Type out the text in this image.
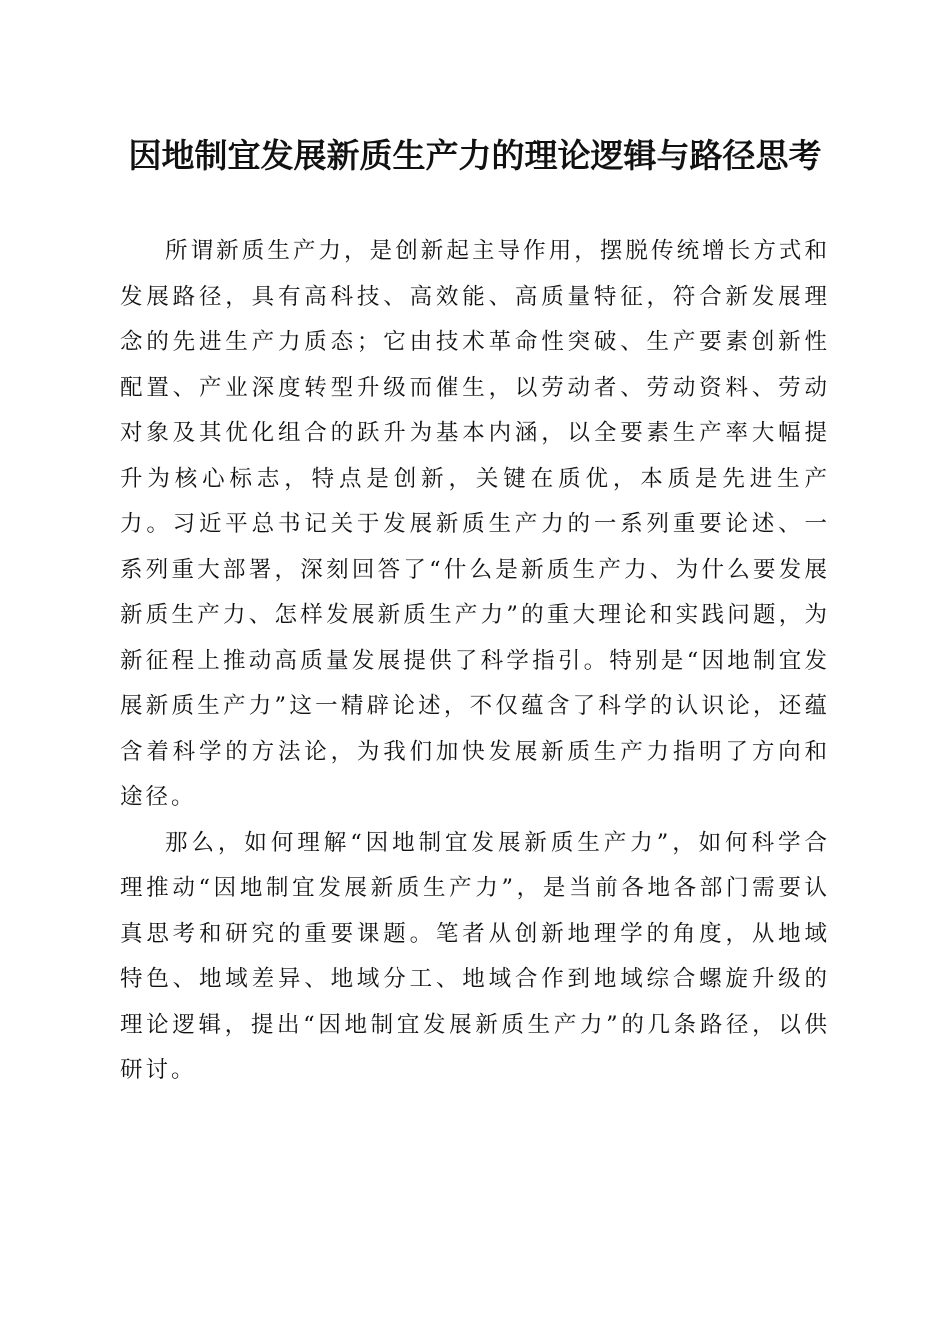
因地制宜发展新质生产力的理论逻辑与路径思考

所谓新质生产力，是创新起主导作用，摆脱传统增长方式和发展路径，具有高科技、高效能、高质量特征，符合新发展理念的先进生产力质态；它由技术革命性突破、生产要素创新性配置、产业深度转型升级而催生，以劳动者、劳动资料、劳动对象及其优化组合的跃升为基本内涵，以全要素生产率大幅提升为核心标志，特点是创新，关键在质优，本质是先进生产力。习近平总书记关于发展新质生产力的一系列重要论述、一系列重大部署，深刻回答了“什么是新质生产力、为什么要发展新质生产力、怎样发展新质生产力”的重大理论和实践问题，为新征程上推动高质量发展提供了科学指引。特别是“因地制宜发展新质生产力”这一精辟论述，不仅蕴含了科学的认识论，还蕴含着科学的方法论，为我们加快发展新质生产力指明了方向和途径。

那么，如何理解“因地制宜发展新质生产力”，如何科学合理推动“因地制宜发展新质生产力”，是当前各地各部门需要认真思考和研究的重要课题。笔者从创新地理学的角度，从地域特色、地域差异、地域分工、地域合作到地域综合螺旋升级的理论逻辑，提出“因地制宜发展新质生产力”的几条路径，以供研讨。
